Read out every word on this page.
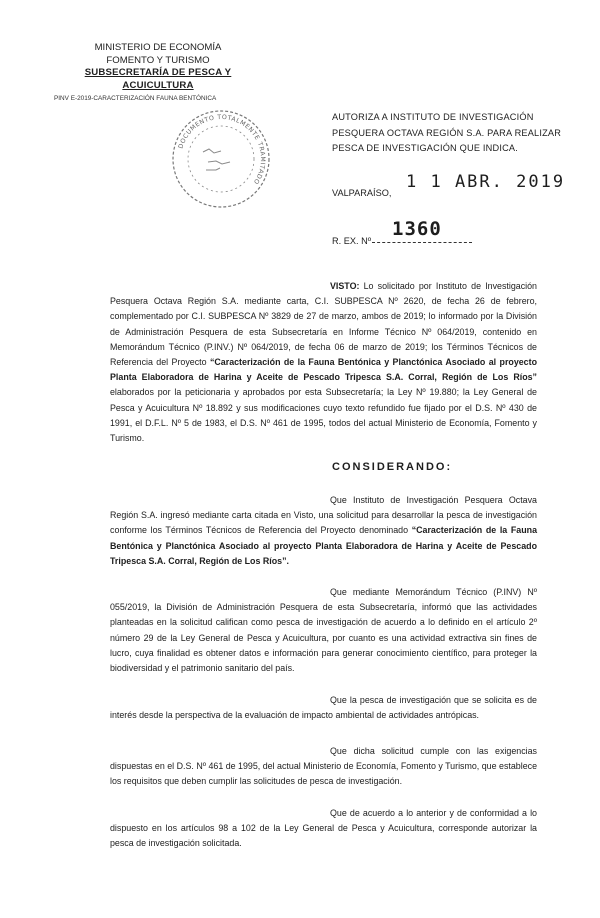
MINISTERIO DE ECONOMÍA
FOMENTO Y TURISMO
SUBSECRETARÍA DE PESCA Y ACUICULTURA
PINV E-2019-CARACTERIZACIÓN FAUNA BENTÓNICA
DOCUMENTO TOTALMENTE TRAMITADO
AUTORIZA A INSTITUTO DE INVESTIGACIÓN PESQUERA OCTAVA REGIÓN S.A. PARA REALIZAR PESCA DE INVESTIGACIÓN QUE INDICA.
1 1 ABR. 2019
VALPARAÍSO,
1360
R. EX. Nº
VISTO: Lo solicitado por Instituto de Investigación Pesquera Octava Región S.A. mediante carta, C.I. SUBPESCA Nº 2620, de fecha 26 de febrero, complementado por C.I. SUBPESCA Nº 3829 de 27 de marzo, ambos de 2019; lo informado por la División de Administración Pesquera de esta Subsecretaría en Informe Técnico Nº 064/2019, contenido en Memorándum Técnico (P.INV.) Nº 064/2019, de fecha 06 de marzo de 2019; los Términos Técnicos de Referencia del Proyecto “Caracterización de la Fauna Bentónica y Planctónica Asociado al proyecto Planta Elaboradora de Harina y Aceite de Pescado Tripesca S.A. Corral, Región de Los Ríos” elaborados por la peticionaria y aprobados por esta Subsecretaría; la Ley Nº 19.880; la Ley General de Pesca y Acuicultura Nº 18.892 y sus modificaciones cuyo texto refundido fue fijado por el D.S. Nº 430 de 1991, el D.F.L. Nº 5 de 1983, el D.S. Nº 461 de 1995, todos del actual Ministerio de Economía, Fomento y Turismo.
CONSIDERANDO:
Que Instituto de Investigación Pesquera Octava Región S.A. ingresó mediante carta citada en Visto, una solicitud para desarrollar la pesca de investigación conforme los Términos Técnicos de Referencia del Proyecto denominado “Caracterización de la Fauna Bentónica y Planctónica Asociado al proyecto Planta Elaboradora de Harina y Aceite de Pescado Tripesca S.A. Corral, Región de Los Ríos”.
Que mediante Memorándum Técnico (P.INV) Nº 055/2019, la División de Administración Pesquera de esta Subsecretaría, informó que las actividades planteadas en la solicitud califican como pesca de investigación de acuerdo a lo definido en el artículo 2º número 29 de la Ley General de Pesca y Acuicultura, por cuanto es una actividad extractiva sin fines de lucro, cuya finalidad es obtener datos e información para generar conocimiento científico, para proteger la biodiversidad y el patrimonio sanitario del país.
Que la pesca de investigación que se solicita es de interés desde la perspectiva de la evaluación de impacto ambiental de actividades antrópicas.
Que dicha solicitud cumple con las exigencias dispuestas en el D.S. Nº 461 de 1995, del actual Ministerio de Economía, Fomento y Turismo, que establece los requisitos que deben cumplir las solicitudes de pesca de investigación.
Que de acuerdo a lo anterior y de conformidad a lo dispuesto en los artículos 98 a 102 de la Ley General de Pesca y Acuicultura, corresponde autorizar la pesca de investigación solicitada.
